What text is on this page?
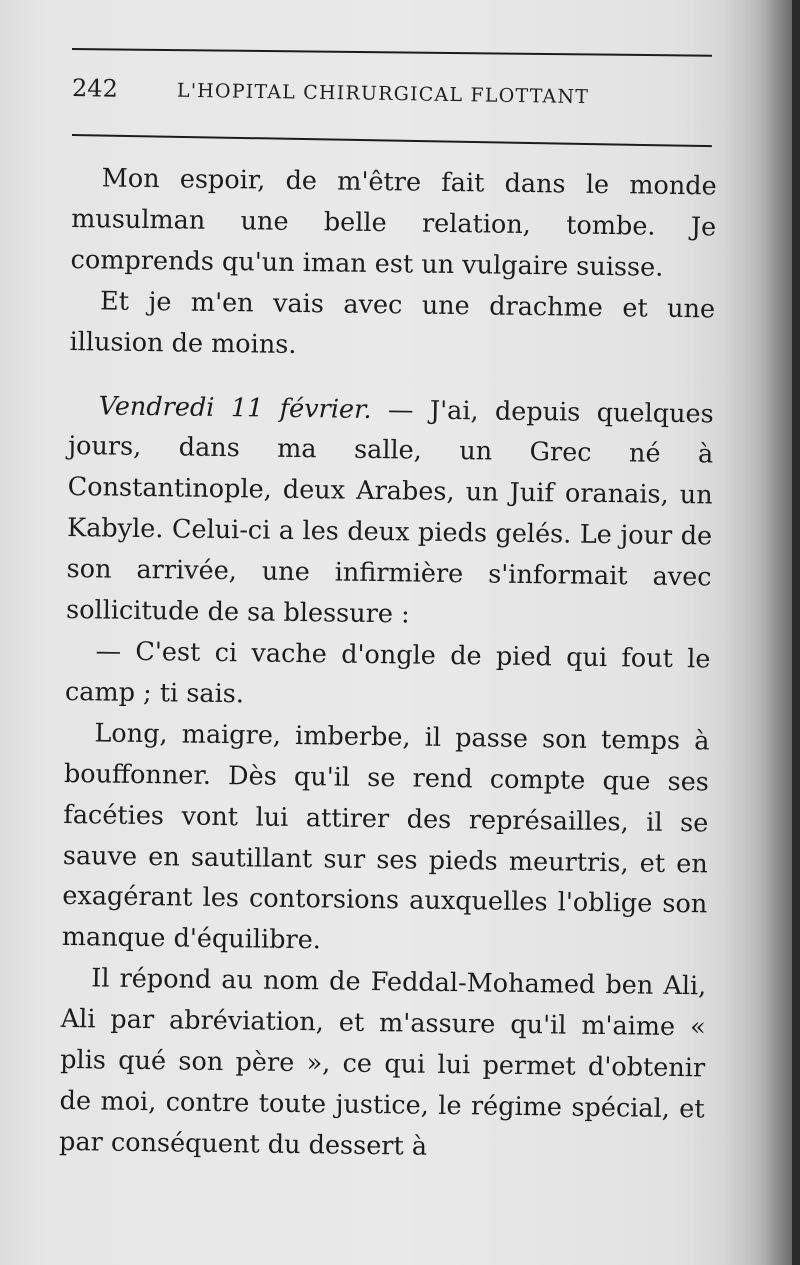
242	L'HOPITAL CHIRURGICAL FLOTTANT

Mon espoir, de m'être fait dans le monde musulman une belle relation, tombe. Je comprends qu'un iman est un vulgaire suisse.

Et je m'en vais avec une drachme et une illusion de moins.

Vendredi 11 février. — J'ai, depuis quelques jours, dans ma salle, un Grec né à Constantinople, deux Arabes, un Juif oranais, un Kabyle. Celui-ci a les deux pieds gelés. Le jour de son arrivée, une infirmière s'informait avec sollicitude de sa blessure :

— C'est ci vache d'ongle de pied qui fout le camp ; ti sais.

Long, maigre, imberbe, il passe son temps à bouffonner. Dès qu'il se rend compte que ses facéties vont lui attirer des représailles, il se sauve en sautillant sur ses pieds meurtris, et en exagérant les contorsions auxquelles l'oblige son manque d'équilibre.

Il répond au nom de Feddal-Mohamed ben Ali, Ali par abréviation, et m'assure qu'il m'aime « plis qué son père », ce qui lui permet d'obtenir de moi, contre toute justice, le régime spécial, et par conséquent du dessert à
